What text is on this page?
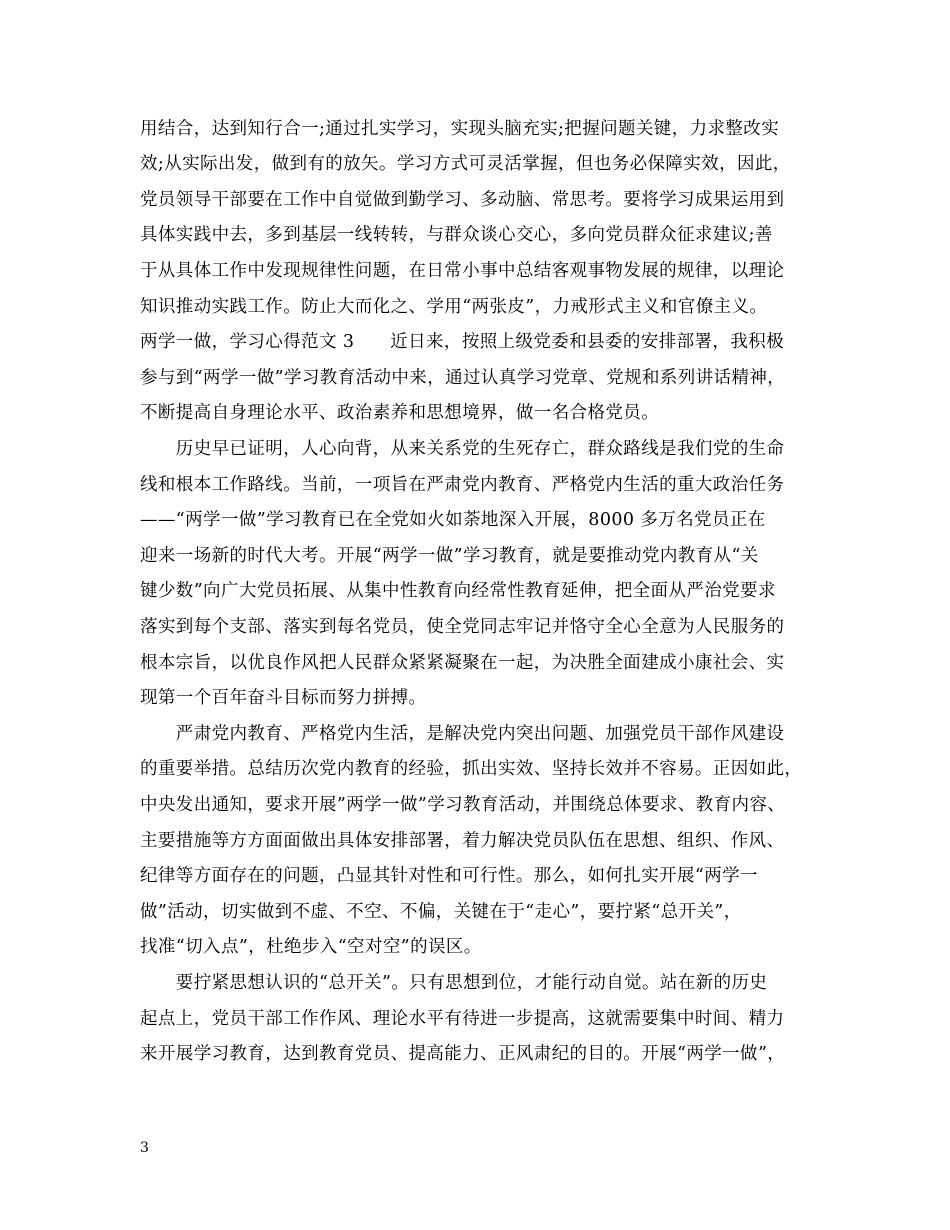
用结合，达到知行合一;通过扎实学习，实现头脑充实;把握问题关键，力求整改实
效;从实际出发，做到有的放矢。学习方式可灵活掌握，但也务必保障实效，因此，
党员领导干部要在工作中自觉做到勤学习、多动脑、常思考。要将学习成果运用到
具体实践中去，多到基层一线转转，与群众谈心交心，多向党员群众征求建议;善
于从具体工作中发现规律性问题，在日常小事中总结客观事物发展的规律，以理论
知识推动实践工作。防止大而化之、学用“两张皮”，力戒形式主义和官僚主义。
两学一做，学习心得范文 3　　近日来，按照上级党委和县委的安排部署，我积极
参与到“两学一做”学习教育活动中来，通过认真学习党章、党规和系列讲话精神，
不断提高自身理论水平、政治素养和思想境界，做一名合格党员。
　　历史早已证明，人心向背，从来关系党的生死存亡，群众路线是我们党的生命
线和根本工作路线。当前，一项旨在严肃党内教育、严格党内生活的重大政治任务
——“两学一做”学习教育已在全党如火如荼地深入开展，8000 多万名党员正在
迎来一场新的时代大考。开展“两学一做”学习教育，就是要推动党内教育从“关
键少数”向广大党员拓展、从集中性教育向经常性教育延伸，把全面从严治党要求
落实到每个支部、落实到每名党员，使全党同志牢记并恪守全心全意为人民服务的
根本宗旨，以优良作风把人民群众紧紧凝聚在一起，为决胜全面建成小康社会、实
现第一个百年奋斗目标而努力拼搏。
　　严肃党内教育、严格党内生活，是解决党内突出问题、加强党员干部作风建设
的重要举措。总结历次党内教育的经验，抓出实效、坚持长效并不容易。正因如此，
中央发出通知，要求开展”两学一做”学习教育活动，并围绕总体要求、教育内容、
主要措施等方方面面做出具体安排部署，着力解决党员队伍在思想、组织、作风、
纪律等方面存在的问题，凸显其针对性和可行性。那么，如何扎实开展“两学一
做”活动，切实做到不虚、不空、不偏，关键在于“走心”，要拧紧“总开关”，
找准“切入点”，杜绝步入“空对空”的误区。
　　要拧紧思想认识的“总开关”。只有思想到位，才能行动自觉。站在新的历史
起点上，党员干部工作作风、理论水平有待进一步提高，这就需要集中时间、精力
来开展学习教育，达到教育党员、提高能力、正风肃纪的目的。开展“两学一做”，
3
